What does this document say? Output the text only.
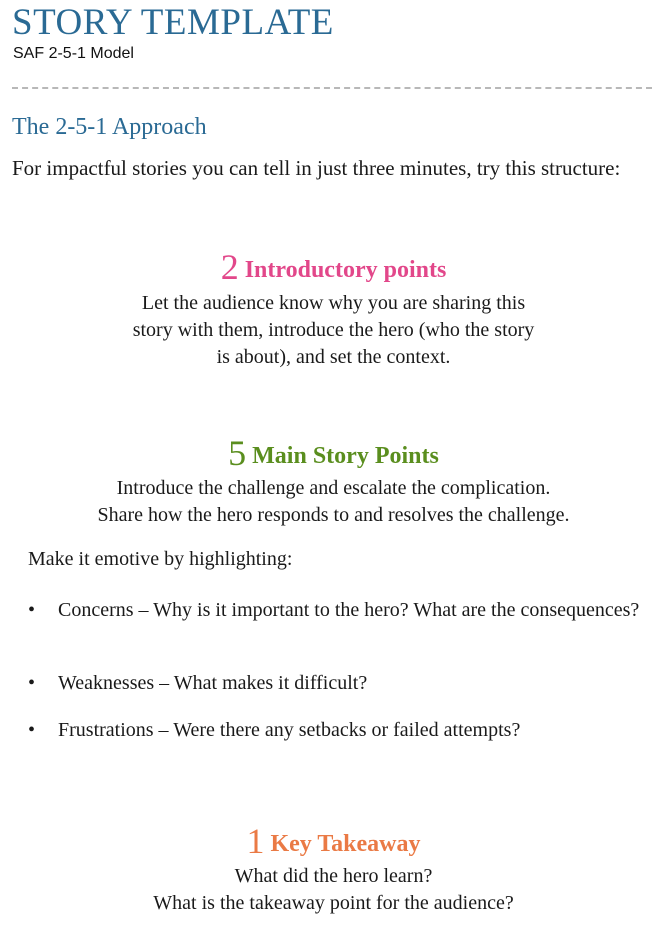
STORY TEMPLATE
SAF 2-5-1 Model
The 2-5-1 Approach
For impactful stories you can tell in just three minutes, try this structure:
2 Introductory points
Let the audience know why you are sharing this
story with them, introduce the hero (who the story
is about), and set the context.
5 Main Story Points
Introduce the challenge and escalate the complication.
Share how the hero responds to and resolves the challenge.
Make it emotive by highlighting:
• Concerns – Why is it important to the hero? What are the consequences?
• Weaknesses – What makes it difficult?
• Frustrations – Were there any setbacks or failed attempts?
1 Key Takeaway
What did the hero learn?
What is the takeaway point for the audience?
